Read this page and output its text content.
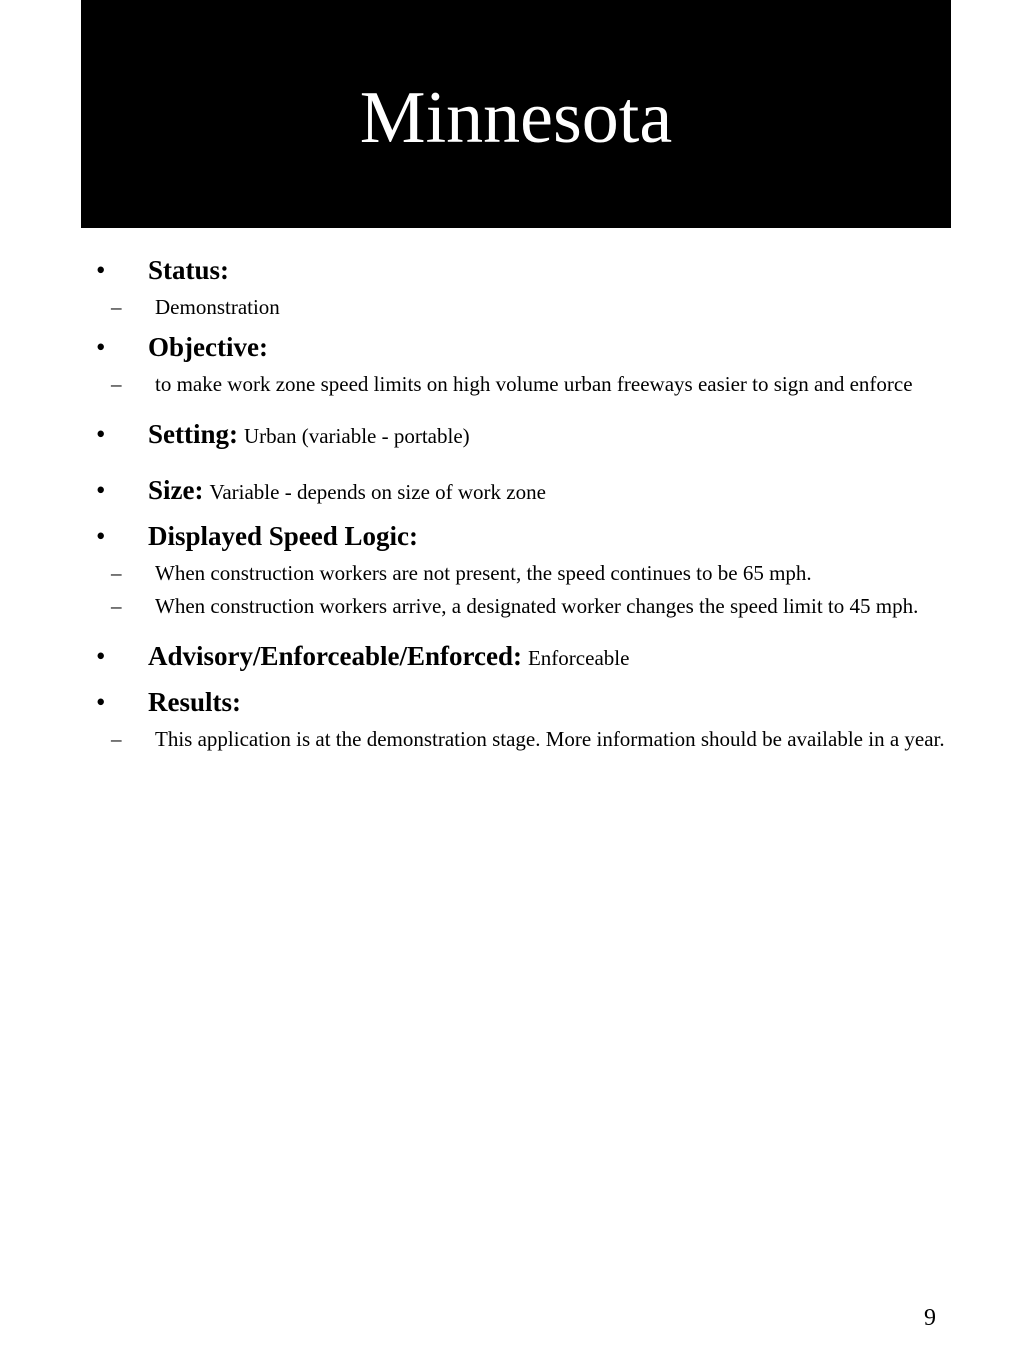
Minnesota
• Status:
– Demonstration
• Objective:
– to make work zone speed limits on high volume urban freeways easier to sign and enforce
• Setting: Urban (variable - portable)
• Size: Variable - depends on size of work zone
• Displayed Speed Logic:
– When construction workers are not present, the speed continues to be 65 mph.
– When construction workers arrive, a designated worker changes the speed limit to 45 mph.
• Advisory/Enforceable/Enforced: Enforceable
• Results:
– This application is at the demonstration stage. More information should be available in a year.
9
